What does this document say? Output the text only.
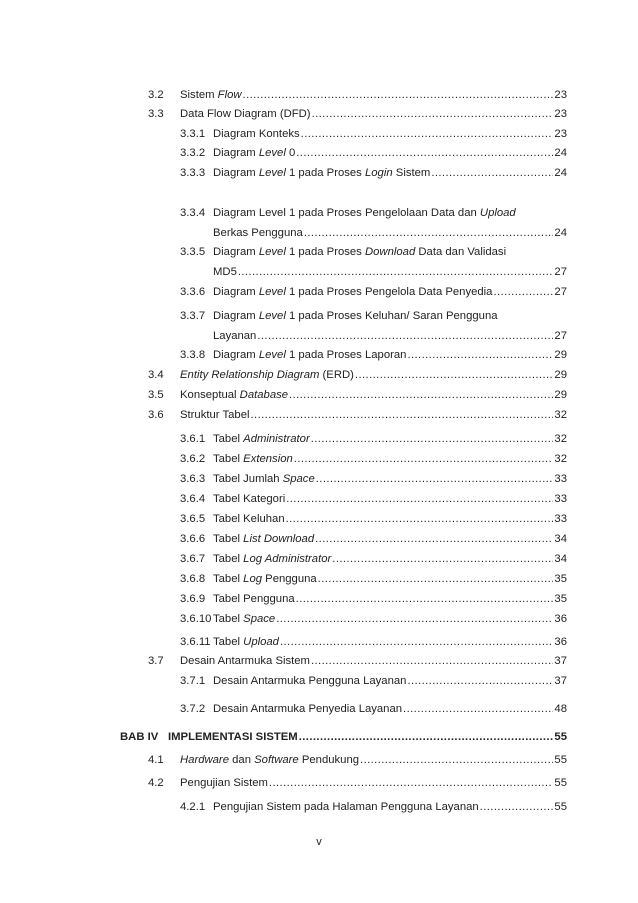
3.2	Sistem Flow .....	23
3.3	Data Flow Diagram (DFD) .....	23
3.3.1 Diagram Konteks .....	23
3.3.2 Diagram Level 0 .....	24
3.3.3 Diagram Level 1 pada Proses Login Sistem .....	24
3.3.4 Diagram Level 1 pada Proses Pengelolaan Data dan Upload
Berkas Pengguna .....	24
3.3.5 Diagram Level 1 pada Proses Download Data dan Validasi
MD5 .....	27
3.3.6 Diagram Level 1 pada Proses Pengelola Data Penyedia .....	27
3.3.7 Diagram Level 1 pada Proses Keluhan/ Saran Pengguna
Layanan .....	27
3.3.8 Diagram Level 1 pada Proses Laporan .....	29
3.4	Entity Relationship Diagram (ERD) .....	29
3.5	Konseptual Database .....	29
3.6	Struktur Tabel .....	32
3.6.1 Tabel Administrator .....	32
3.6.2 Tabel Extension .....	32
3.6.3 Tabel Jumlah Space .....	33
3.6.4 Tabel Kategori .....	33
3.6.5 Tabel Keluhan .....	33
3.6.6 Tabel List Download .....	34
3.6.7 Tabel Log Administrator .....	34
3.6.8 Tabel Log Pengguna .....	35
3.6.9 Tabel Pengguna .....	35
3.6.10 Tabel Space .....	36
3.6.11 Tabel Upload .....	36
3.7	Desain Antarmuka Sistem .....	37
3.7.1 Desain Antarmuka Pengguna Layanan .....	37
3.7.2 Desain Antarmuka Penyedia Layanan .....	48
BAB IV IMPLEMENTASI SISTEM .....	55
4.1	Hardware dan Software Pendukung .....	55
4.2	Pengujian Sistem .....	55
4.2.1 Pengujian Sistem pada Halaman Pengguna Layanan .....	55
v
